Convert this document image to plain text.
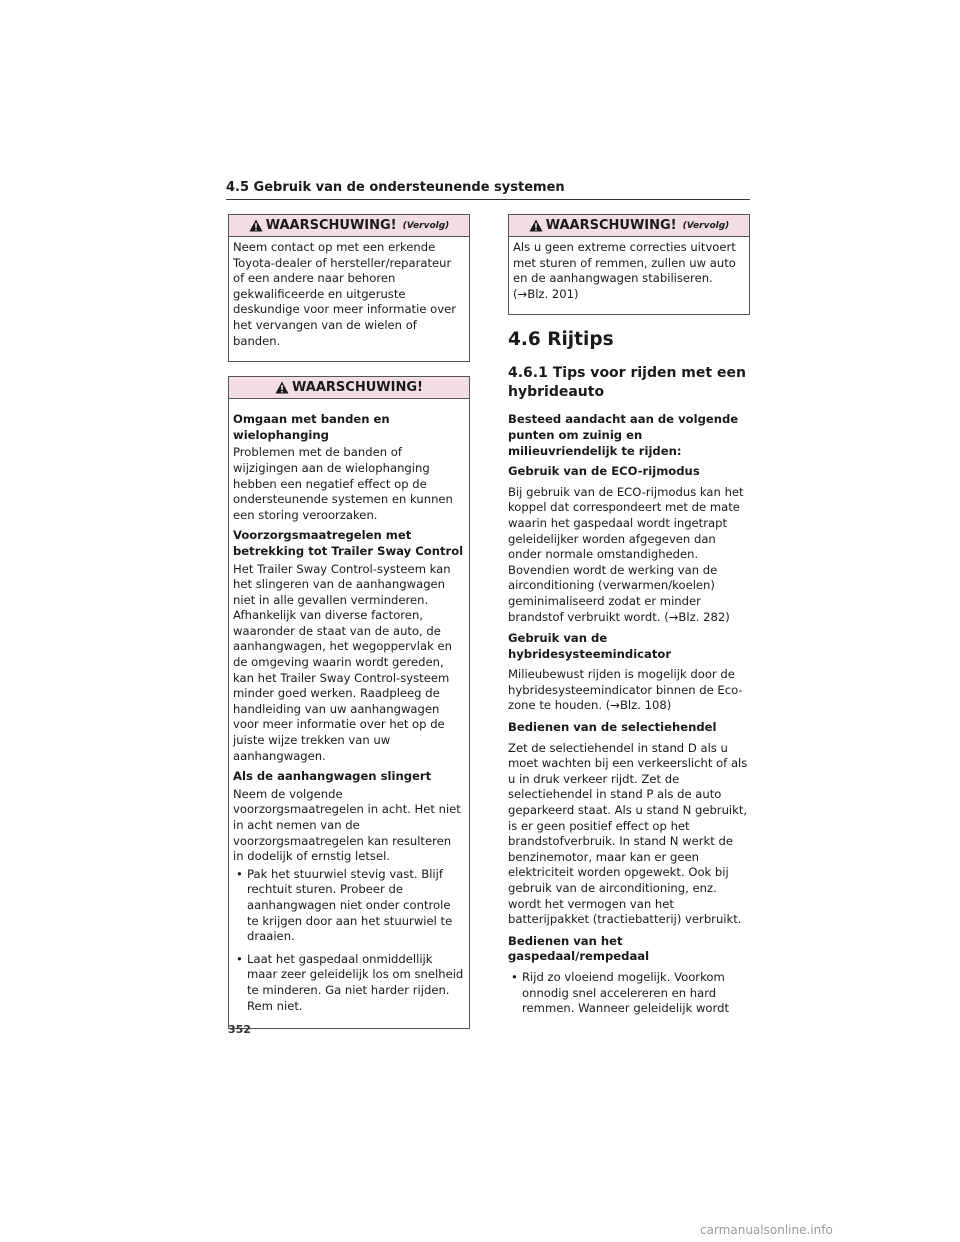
4.5 Gebruik van de ondersteunende systemen
WAARSCHUWING! (Vervolg)

Neem contact op met een erkende Toyota-dealer of hersteller/reparateur of een andere naar behoren gekwalificeerde en uitgeruste deskundige voor meer informatie over het vervangen van de wielen of banden.

WAARSCHUWING!

Omgaan met banden en wielophanging

Problemen met de banden of wijzigingen aan de wielophanging hebben een negatief effect op de ondersteunende systemen en kunnen een storing veroorzaken.

Voorzorgsmaatregelen met betrekking tot Trailer Sway Control

Het Trailer Sway Control-systeem kan het slingeren van de aanhangwagen niet in alle gevallen verminderen. Afhankelijk van diverse factoren, waaronder de staat van de auto, de aanhangwagen, het wegoppervlak en de omgeving waarin wordt gereden, kan het Trailer Sway Control-systeem minder goed werken. Raadpleeg de handleiding van uw aanhangwagen voor meer informatie over het op de juiste wijze trekken van uw aanhangwagen.

Als de aanhangwagen slingert

Neem de volgende voorzorgsmaatregelen in acht. Het niet in acht nemen van de voorzorgsmaatregelen kan resulteren in dodelijk of ernstig letsel.

• Pak het stuurwiel stevig vast. Blijf rechtuit sturen. Probeer de aanhangwagen niet onder controle te krijgen door aan het stuurwiel te draaien.
• Laat het gaspedaal onmiddellijk maar zeer geleidelijk los om snelheid te minderen. Ga niet harder rijden. Rem niet.
WAARSCHUWING! (Vervolg)

Als u geen extreme correcties uitvoert met sturen of remmen, zullen uw auto en de aanhangwagen stabiliseren. (→Blz. 201)

4.6 Rijtips
4.6.1 Tips voor rijden met een hybrideauto

Besteed aandacht aan de volgende punten om zuinig en milieuvriendelijk te rijden:

Gebruik van de ECO-rijmodus

Bij gebruik van de ECO-rijmodus kan het koppel dat correspondeert met de mate waarin het gaspedaal wordt ingetrapt geleidelijker worden afgegeven dan onder normale omstandigheden. Bovendien wordt de werking van de airconditioning (verwarmen/koelen) geminimaliseerd zodat er minder brandstof verbruikt wordt. (→Blz. 282)

Gebruik van de hybridesysteemindicator

Milieubewust rijden is mogelijk door de hybridesysteemindicator binnen de Eco-zone te houden. (→Blz. 108)

Bedienen van de selectiehendel

Zet de selectiehendel in stand D als u moet wachten bij een verkeerslicht of als u in druk verkeer rijdt. Zet de selectiehendel in stand P als de auto geparkeerd staat. Als u stand N gebruikt, is er geen positief effect op het brandstofverbruik. In stand N werkt de benzinemotor, maar kan er geen elektriciteit worden opgewekt. Ook bij gebruik van de airconditioning, enz. wordt het vermogen van het batterijpakket (tractiebatterij) verbruikt.

Bedienen van het gaspedaal/rempedaal

• Rijd zo vloeiend mogelijk. Voorkom onnodig snel accelereren en hard remmen. Wanneer geleidelijk wordt
352
carmanualsonline.info
